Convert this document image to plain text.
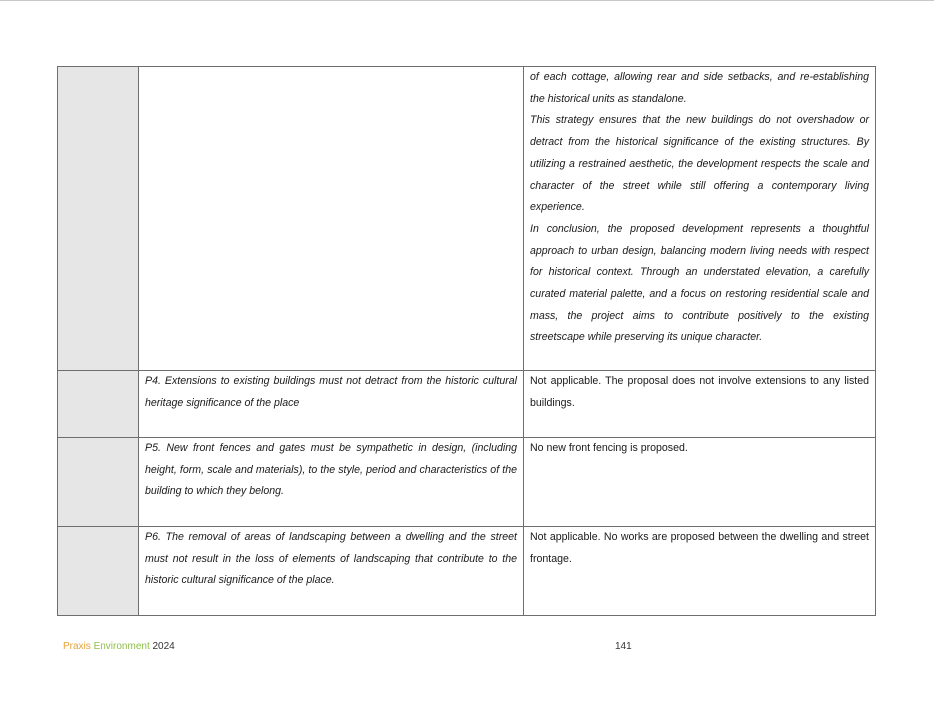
		of each cottage, allowing rear and side setbacks, and re-establishing the historical units as standalone.

This strategy ensures that the new buildings do not overshadow or detract from the historical significance of the existing structures. By utilizing a restrained aesthetic, the development respects the scale and character of the street while still offering a contemporary living experience.

In conclusion, the proposed development represents a thoughtful approach to urban design, balancing modern living needs with respect for historical context. Through an understated elevation, a carefully curated material palette, and a focus on restoring residential scale and mass, the project aims to contribute positively to the existing streetscape while preserving its unique character.

	P4. Extensions to existing buildings must not detract from the historic cultural heritage significance of the place	Not applicable. The proposal does not involve extensions to any listed buildings.
	P5. New front fences and gates must be sympathetic in design, (including height, form, scale and materials), to the style, period and characteristics of the building to which they belong.	No new front fencing is proposed.
	P6. The removal of areas of landscaping between a dwelling and the street must not result in the loss of elements of landscaping that contribute to the historic cultural significance of the place.	Not applicable. No works are proposed between the dwelling and street frontage.
Praxis Environment 2024	141
